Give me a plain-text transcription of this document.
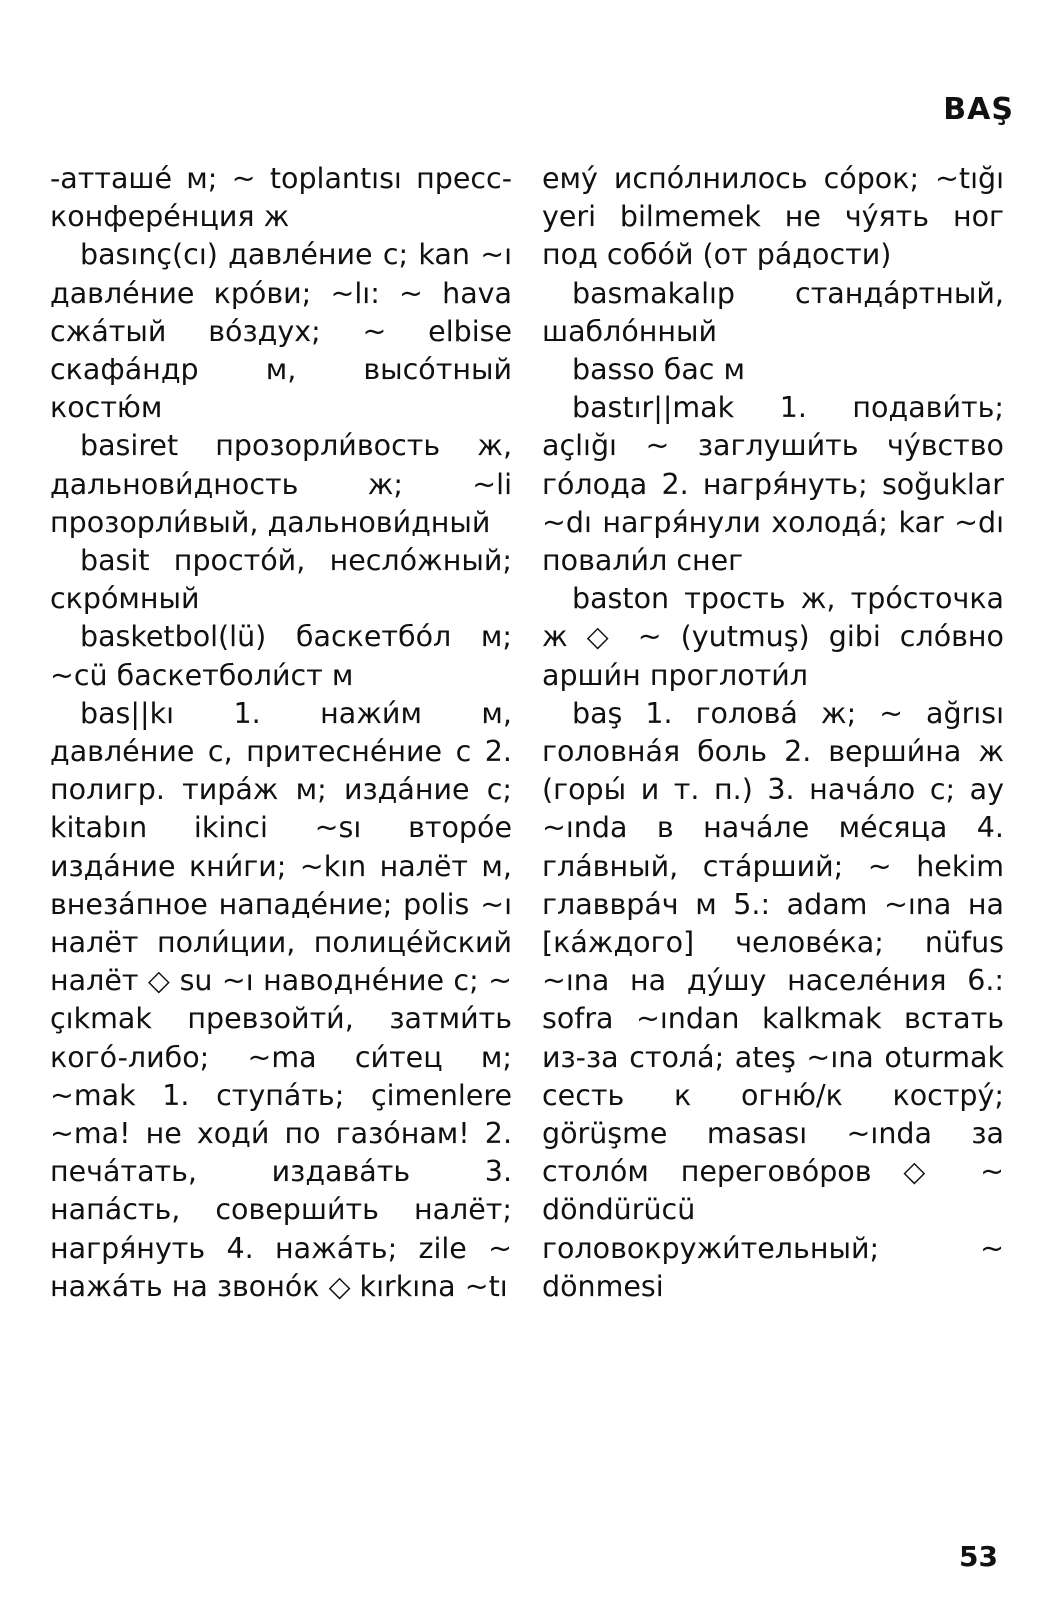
BAŞ

-атташé м; ~ toplantısı пресс-конферéнция ж

basınç(cı) давлéние с; kan ~ı давлéние крóви; ~lı: ~ hava сжáтый вóздух; ~ elbise скафáндр м, высóтный костю́м

basiret прозорли́вость ж, дальнови́дность ж; ~li прозорли́вый, дальнови́дный

basit простóй, неслóжный; скрóмный

basketbol(lü) баскетбóл м; ~cü баскетболи́ст м

bas||kı 1. нажи́м м, давлéние с, притеснéние с 2. полигр. тирáж м; издáние с; kitabın ikinci ~sı вторóе издáние кни́ги; ~kın налёт м, внезáпное нападéние; polis ~ı налёт поли́ции, полицéйский налёт ◇ su ~ı наводнéние с; ~ çıkmak превзойти́, затми́ть когó-либо; ~ma си́тец м; ~mak 1. ступáть; çimenlere ~ma! не ходи́ по газóнам! 2. печáтать, издавáть 3. напáсть, соверши́ть налёт; нагря́нуть 4. нажáть; zile ~ нажáть на звонóк ◇ kırkına ~tı

емý испóлнилось сóрок; ~tığı yeri bilmemek не чýять ног под собóй (от рáдости)

basmakalıp стандáртный, шаблóнный

basso бас м

bastır||mak 1. подави́ть; açlığı ~ заглуши́ть чýвство гóлода 2. нагря́нуть; soğuklar ~dı нагря́нули холодá; kar ~dı повали́л снег

baston трость ж, трóсточка ж ◇ ~ (yutmuş) gibi слóвно арши́н проглоти́л

baş 1. головá ж; ~ ağrısı головнáя боль 2. верши́на ж (горы́ и т. п.) 3. начáло с; ay ~ında в начáле мéсяца 4. глáвный, стáрший; ~ hekim главврáч м 5.: adam ~ına на [кáждого] человéка; nüfus ~ına на дýшу населéния 6.: sofra ~ından kalkmak встать из-за столá; ateş ~ına oturmak сесть к огню́/к кострý; görüşme masası ~ında за столóм переговóров ◇ ~ döndürücü головокружи́тельный; ~ dönmesi

53
